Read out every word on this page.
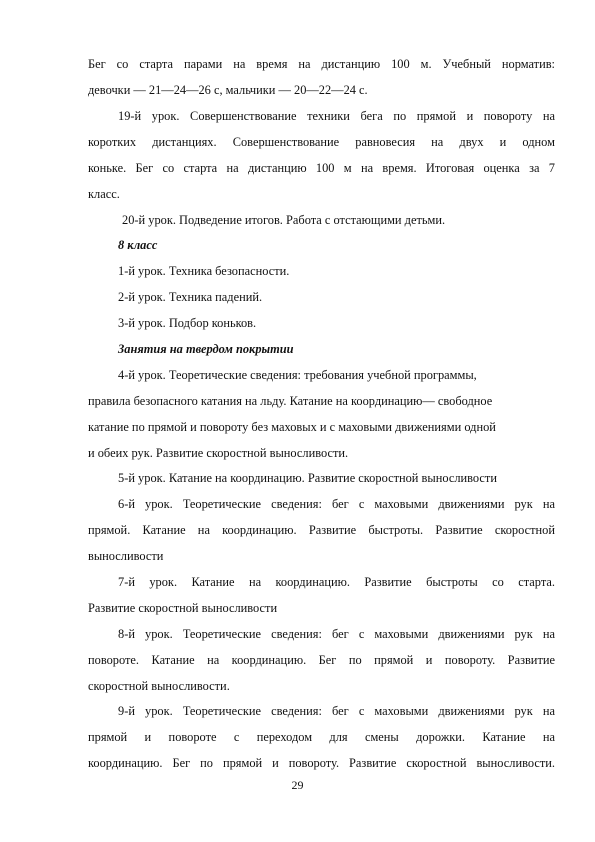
Бег со старта парами на время на дистанцию 100 м. Учебный норматив:
девочки — 21—24—26 с, мальчики — 20—22—24 с.
19-й урок. Совершенствование техники бега по прямой и повороту на
коротких дистанциях. Совершенствование равновесия на двух и одном
коньке. Бег со старта на дистанцию 100 м на время. Итоговая оценка за 7
класс.
20-й урок. Подведение итогов. Работа с отстающими детьми.
8 класс
1-й урок. Техника безопасности.
2-й урок. Техника падений.
3-й урок. Подбор коньков.
Занятия на твердом покрытии
4-й урок. Теоретические сведения: требования учебной программы,
правила безопасного катания на льду. Катание на координацию— свободное
катание по прямой и повороту без маховых и с маховыми движениями одной
и обеих рук. Развитие скоростной выносливости.
5-й урок. Катание на координацию. Развитие скоростной выносливости
6-й урок. Теоретические сведения: бег с маховыми движениями рук на
прямой. Катание на координацию. Развитие быстроты. Развитие скоростной
выносливости
7-й урок. Катание на координацию. Развитие быстроты со старта.
Развитие скоростной выносливости
8-й урок. Теоретические сведения: бег с маховыми движениями рук на
повороте. Катание на координацию. Бег по прямой и повороту. Развитие
скоростной выносливости.
9-й урок. Теоретические сведения: бег с маховыми движениями рук на
прямой и повороте с переходом для смены дорожки. Катание на
координацию. Бег по прямой и повороту. Развитие скоростной выносливости.
29
